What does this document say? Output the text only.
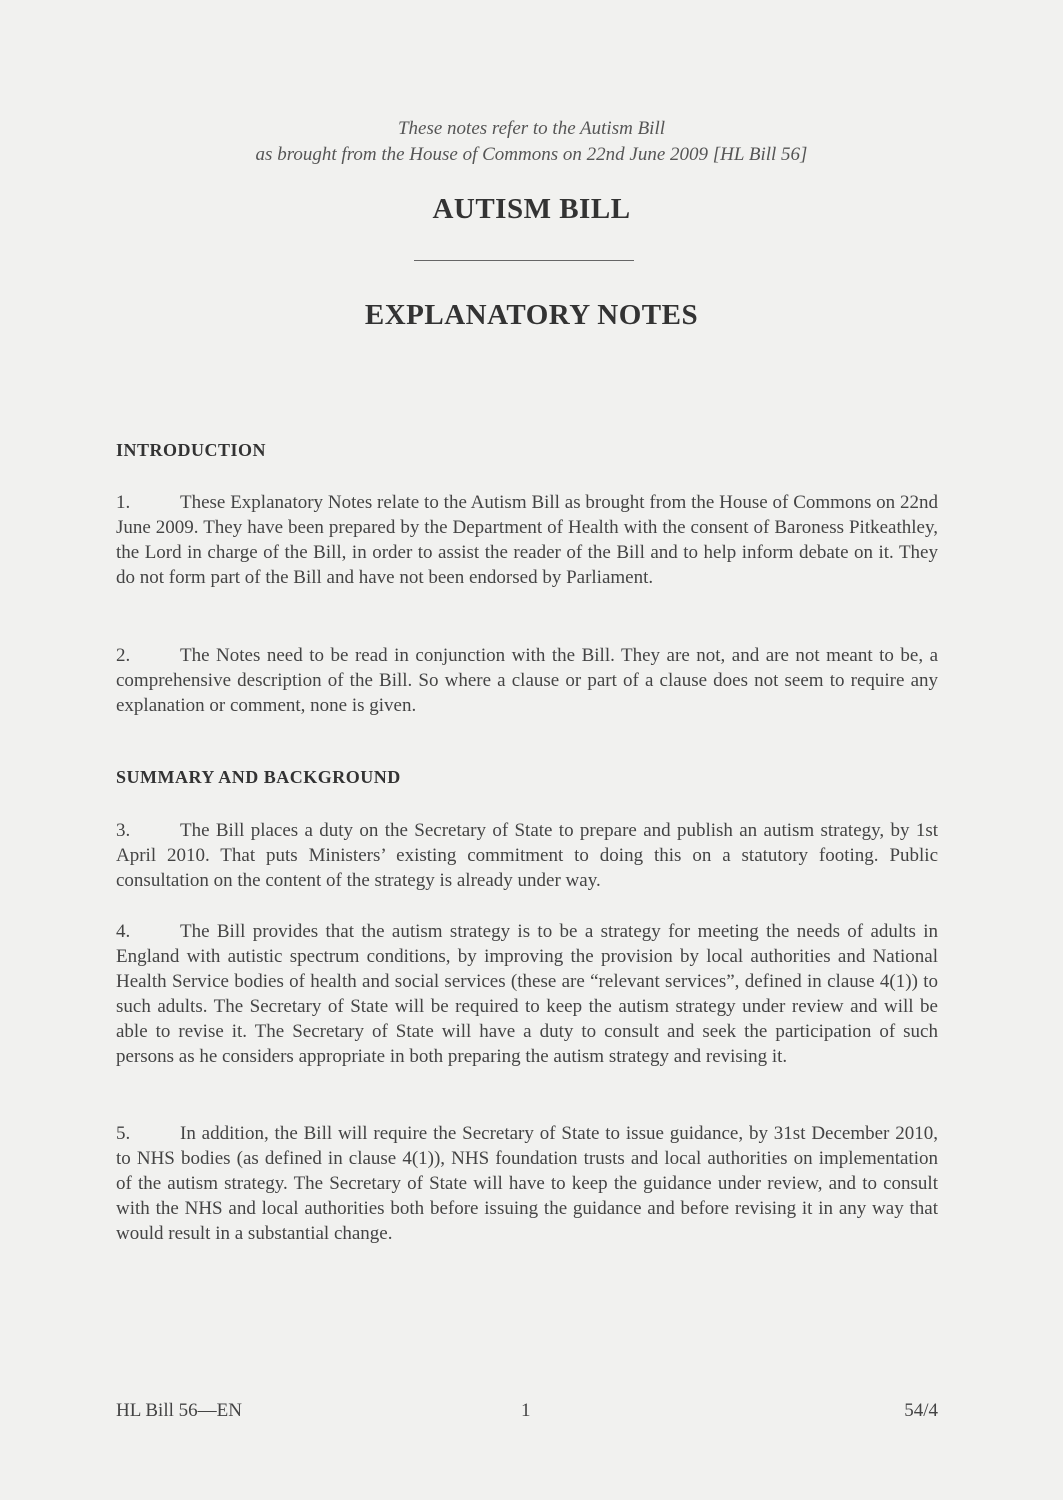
These notes refer to the Autism Bill
as brought from the House of Commons on 22nd June 2009 [HL Bill 56]
AUTISM BILL
EXPLANATORY NOTES
INTRODUCTION
1.	These Explanatory Notes relate to the Autism Bill as brought from the House of Commons on 22nd June 2009. They have been prepared by the Department of Health with the consent of Baroness Pitkeathley, the Lord in charge of the Bill, in order to assist the reader of the Bill and to help inform debate on it. They do not form part of the Bill and have not been endorsed by Parliament.
2.	The Notes need to be read in conjunction with the Bill. They are not, and are not meant to be, a comprehensive description of the Bill. So where a clause or part of a clause does not seem to require any explanation or comment, none is given.
SUMMARY AND BACKGROUND
3.	The Bill places a duty on the Secretary of State to prepare and publish an autism strategy, by 1st April 2010. That puts Ministers’ existing commitment to doing this on a statutory footing. Public consultation on the content of the strategy is already under way.
4.	The Bill provides that the autism strategy is to be a strategy for meeting the needs of adults in England with autistic spectrum conditions, by improving the provision by local authorities and National Health Service bodies of health and social services (these are “relevant services”, defined in clause 4(1)) to such adults. The Secretary of State will be required to keep the autism strategy under review and will be able to revise it. The Secretary of State will have a duty to consult and seek the participation of such persons as he considers appropriate in both preparing the autism strategy and revising it.
5.	In addition, the Bill will require the Secretary of State to issue guidance, by 31st December 2010, to NHS bodies (as defined in clause 4(1)), NHS foundation trusts and local authorities on implementation of the autism strategy. The Secretary of State will have to keep the guidance under review, and to consult with the NHS and local authorities both before issuing the guidance and before revising it in any way that would result in a substantial change.
HL Bill 56—EN	1	54/4
